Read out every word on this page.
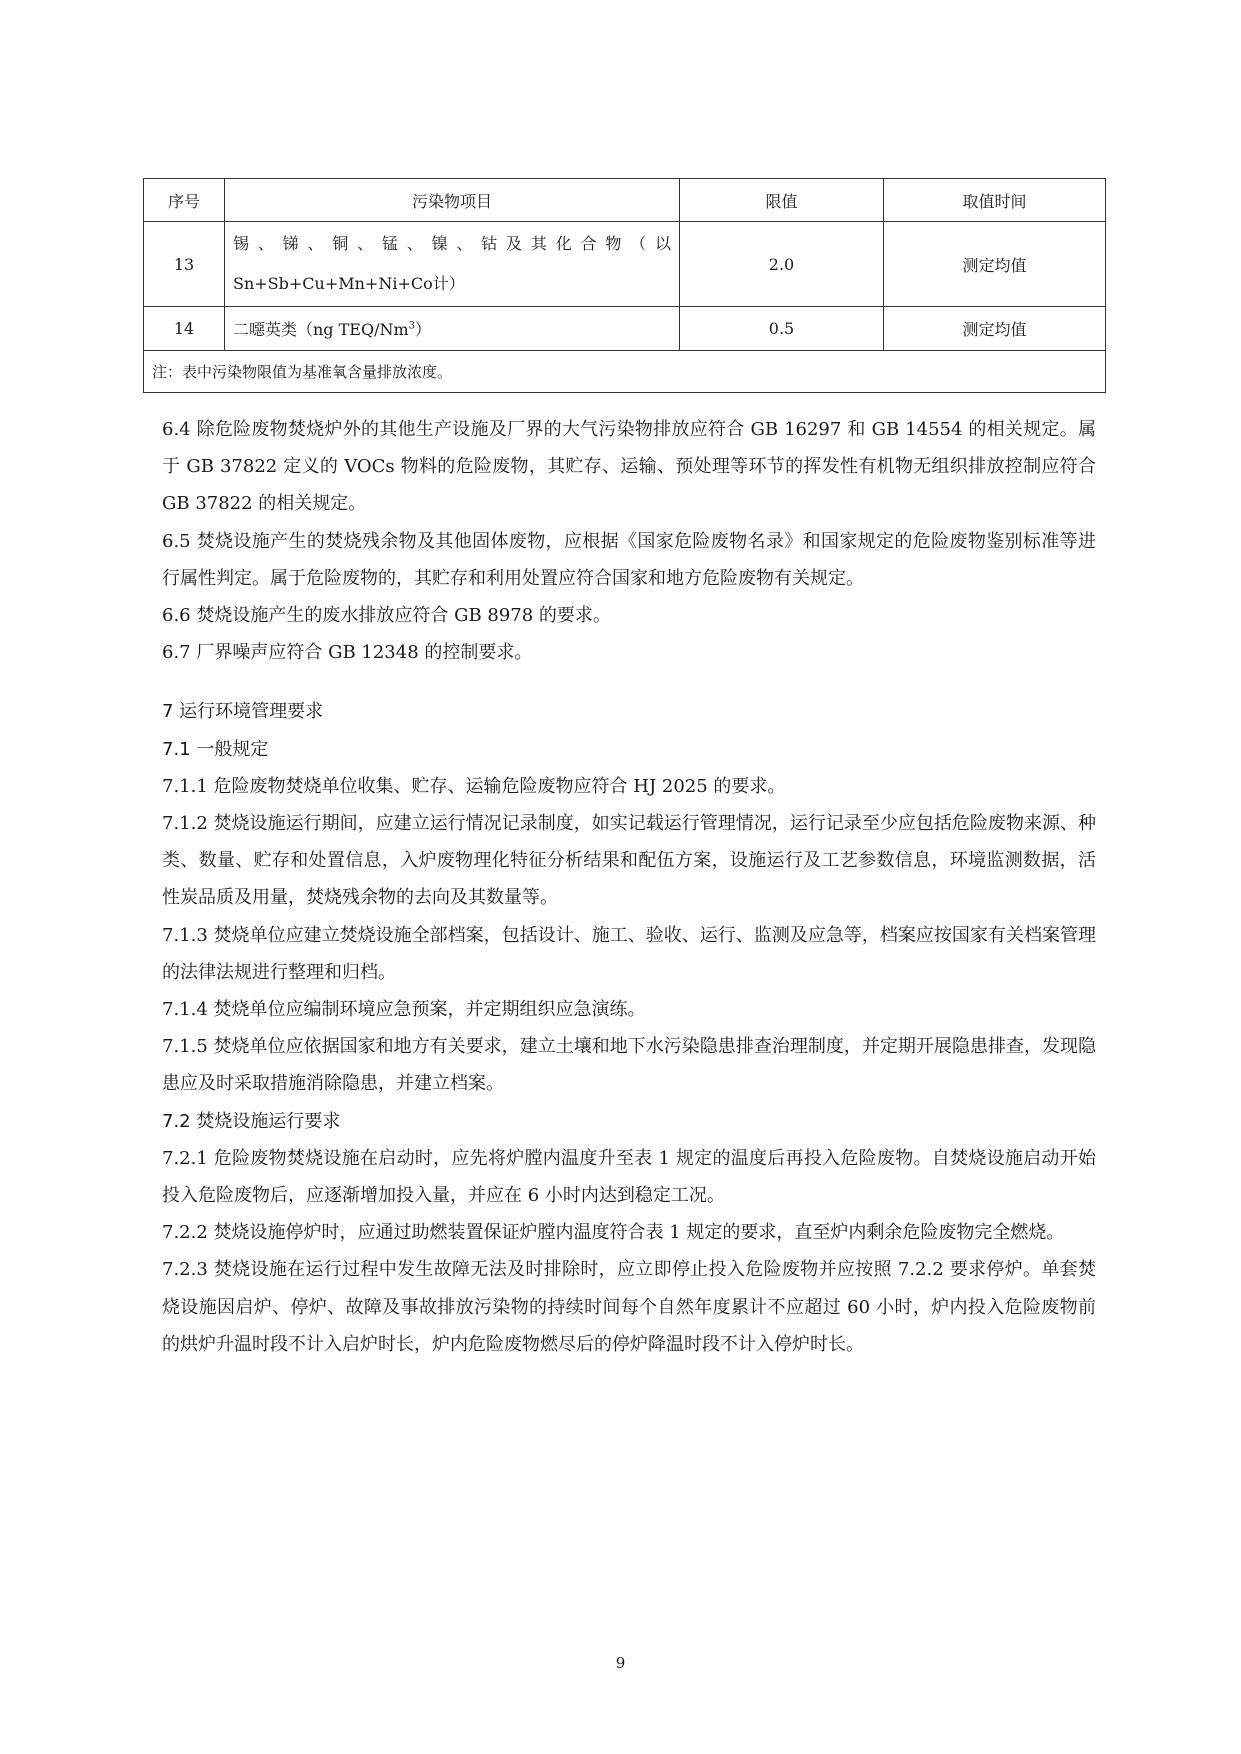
序号	污染物项目	限值	取值时间
13	锡、锑、铜、锰、镍、钴及其化合物（以Sn+Sb+Cu+Mn+Ni+Co计）	2.0	测定均值
14	二噁英类（ng TEQ/Nm$^3$）	0.5	测定均值
注：表中污染物限值为基准氧含量排放浓度。			

6.4 除危险废物焚烧炉外的其他生产设施及厂界的大气污染物排放应符合 GB 16297 和 GB 14554 的相关规定。属于 GB 37822 定义的 VOCs 物料的危险废物，其贮存、运输、预处理等环节的挥发性有机物无组织排放控制应符合 GB 37822 的相关规定。

6.5 焚烧设施产生的焚烧残余物及其他固体废物，应根据《国家危险废物名录》和国家规定的危险废物鉴别标准等进行属性判定。属于危险废物的，其贮存和利用处置应符合国家和地方危险废物有关规定。

6.6 焚烧设施产生的废水排放应符合 GB 8978 的要求。

6.7 厂界噪声应符合 GB 12348 的控制要求。

7 运行环境管理要求

7.1 一般规定

7.1.1 危险废物焚烧单位收集、贮存、运输危险废物应符合 HJ 2025 的要求。

7.1.2 焚烧设施运行期间，应建立运行情况记录制度，如实记载运行管理情况，运行记录至少应包括危险废物来源、种类、数量、贮存和处置信息，入炉废物理化特征分析结果和配伍方案，设施运行及工艺参数信息，环境监测数据，活性炭品质及用量，焚烧残余物的去向及其数量等。

7.1.3 焚烧单位应建立焚烧设施全部档案，包括设计、施工、验收、运行、监测及应急等，档案应按国家有关档案管理的法律法规进行整理和归档。

7.1.4 焚烧单位应编制环境应急预案，并定期组织应急演练。

7.1.5 焚烧单位应依据国家和地方有关要求，建立土壤和地下水污染隐患排查治理制度，并定期开展隐患排查，发现隐患应及时采取措施消除隐患，并建立档案。

7.2 焚烧设施运行要求

7.2.1 危险废物焚烧设施在启动时，应先将炉膛内温度升至表 1 规定的温度后再投入危险废物。自焚烧设施启动开始投入危险废物后，应逐渐增加投入量，并应在 6 小时内达到稳定工况。

7.2.2 焚烧设施停炉时，应通过助燃装置保证炉膛内温度符合表 1 规定的要求，直至炉内剩余危险废物完全燃烧。

7.2.3 焚烧设施在运行过程中发生故障无法及时排除时，应立即停止投入危险废物并应按照 7.2.2 要求停炉。单套焚烧设施因启炉、停炉、故障及事故排放污染物的持续时间每个自然年度累计不应超过 60 小时，炉内投入危险废物前的烘炉升温时段不计入启炉时长，炉内危险废物燃尽后的停炉降温时段不计入停炉时长。

9
